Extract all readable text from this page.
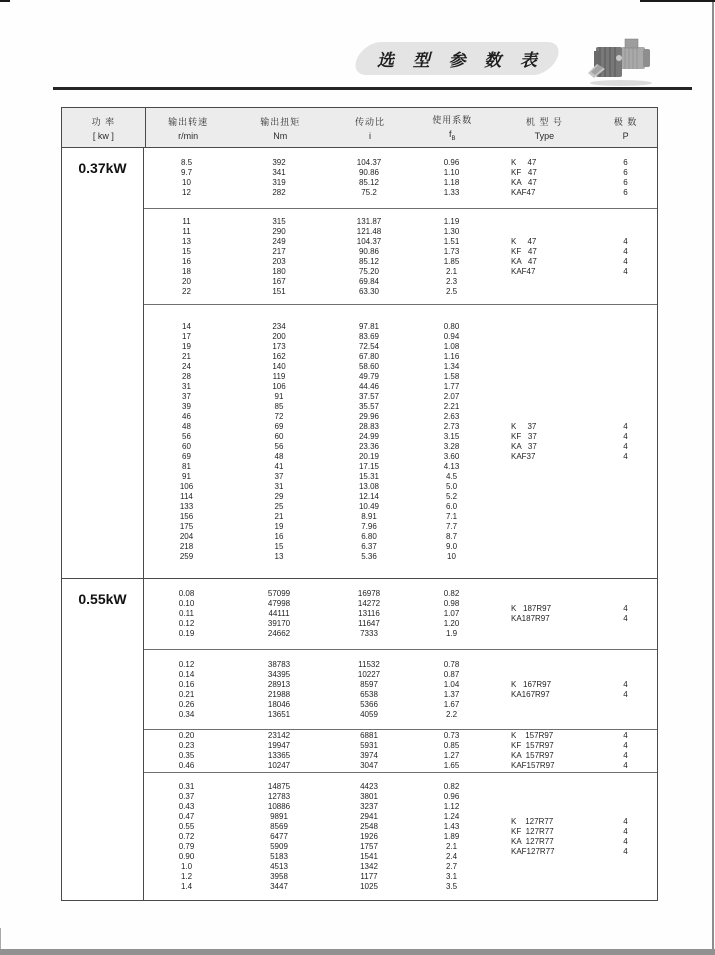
选 型 参 数 表
功 率
[ kw ]
输出转速
r/min
输出扭矩
Nm
传动比
i
使用系数
$f_B$
机 型 号
Type
极 数
P
0.37kW	8.5
9.7
10
12
392
341
319
282
104.37
90.86
85.12
75.2
0.96
1.10
1.18
1.33
K     47
KF   47
KA   47
KAF47
6
6
6
6
11
11
13
15
16
18
20
22
315
290
249
217
203
180
167
151
131.87
121.48
104.37
90.86
85.12
75.20
69.84
63.30
1.19
1.30
1.51
1.73
1.85
2.1
2.3
2.5
K     47
KF   47
KA   47
KAF47
4
4
4
4
14
17
19
21
24
28
31
37
39
46
48
56
60
69
81
91
106
114
133
156
175
204
218
259
234
200
173
162
140
119
106
91
85
72
69
60
56
48
41
37
31
29
25
21
19
16
15
13
97.81
83.69
72.54
67.80
58.60
49.79
44.46
37.57
35.57
29.96
28.83
24.99
23.36
20.19
17.15
15.31
13.08
12.14
10.49
8.91
7.96
6.80
6.37
5.36
0.80
0.94
1.08
1.16
1.34
1.58
1.77
2.07
2.21
2.63
2.73
3.15
3.28
3.60
4.13
4.5
5.0
5.2
6.0
7.1
7.7
8.7
9.0
10
K     37
KF   37
KA   37
KAF37
4
4
4
4
0.55kW	0.08
0.10
0.11
0.12
0.19
57099
47998
44111
39170
24662
16978
14272
13116
11647
7333
0.82
0.98
1.07
1.20
1.9
K   187R97
KA187R97
4
4
0.12
0.14
0.16
0.21
0.26
0.34
38783
34395
28913
21988
18046
13651
11532
10227
8597
6538
5366
4059
0.78
0.87
1.04
1.37
1.67
2.2
K   167R97
KA167R97
4
4
0.20
0.23
0.35
0.46
23142
19947
13365
10247
6881
5931
3974
3047
0.73
0.85
1.27
1.65
K    157R97
KF  157R97
KA  157R97
KAF157R97
4
4
4
4
0.31
0.37
0.43
0.47
0.55
0.72
0.79
0.90
1.0
1.2
1.4
14875
12783
10886
9891
8569
6477
5909
5183
4513
3958
3447
4423
3801
3237
2941
2548
1926
1757
1541
1342
1177
1025
0.82
0.96
1.12
1.24
1.43
1.89
2.1
2.4
2.7
3.1
3.5
K    127R77
KF  127R77
KA  127R77
KAF127R77
4
4
4
4
